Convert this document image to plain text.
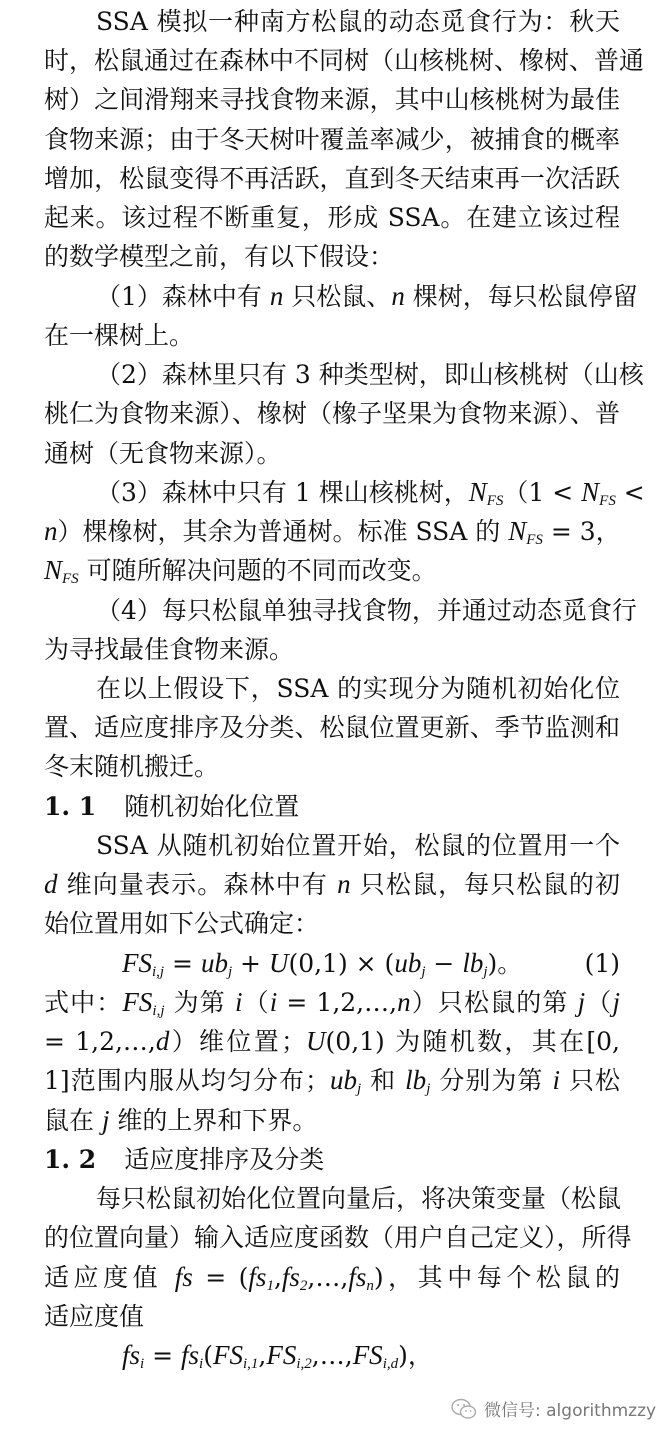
SSA 模拟一种南方松鼠的动态觅食行为：秋天
时，松鼠通过在森林中不同树（山核桃树、橡树、普通
树）之间滑翔来寻找食物来源，其中山核桃树为最佳
食物来源；由于冬天树叶覆盖率减少，被捕食的概率
增加，松鼠变得不再活跃，直到冬天结束再一次活跃
起来。该过程不断重复，形成 SSA。在建立该过程
的数学模型之前，有以下假设：
（1）森林中有 n 只松鼠、n 棵树，每只松鼠停留
在一棵树上。
（2）森林里只有 3 种类型树，即山核桃树（山核
桃仁为食物来源）、橡树（橡子坚果为食物来源）、普
通树（无食物来源）。
（3）森林中只有 1 棵山核桃树，$N_{FS}(1 < N_{FS}$ <
n）棵橡树，其余为普通树。标准 SSA 的 $N_{FS} = 3$，
$N_{FS}$ 可随所解决问题的不同而改变。
（4）每只松鼠单独寻找食物，并通过动态觅食行
为寻找最佳食物来源。
在以上假设下，SSA 的实现分为随机初始化位
置、适应度排序及分类、松鼠位置更新、季节监测和
冬末随机搬迁。
1. 1 随机初始化位置
SSA 从随机初始位置开始，松鼠的位置用一个
d 维向量表示。森林中有 n 只松鼠，每只松鼠的初
始位置用如下公式确定：
$FS_{i,j} = ub_j + U(0,1) \times (ub_j - lb_j)$。 (1)
式中：$FS_{i,j}$ 为第 i（i = 1,2,…,n）只松鼠的第 j（j
= 1,2,…,d）维位置；U(0,1) 为随机数，其在[0,
1]范围内服从均匀分布；$ub_j$ 和 $lb_j$ 分别为第 i 只松
鼠在 j 维的上界和下界。
1. 2 适应度排序及分类
每只松鼠初始化位置向量后，将决策变量（松鼠
的位置向量）输入适应度函数（用户自己定义），所得
适应度值 fs = $(fs_1,fs_2,\dots,fs_n)$，其中每个松鼠的
适应度值
$fs_i$ = $fs_i(FS_{i,1},FS_{i,2},\dots,FS_{i,d})$，
微信号: algorithmzzy
